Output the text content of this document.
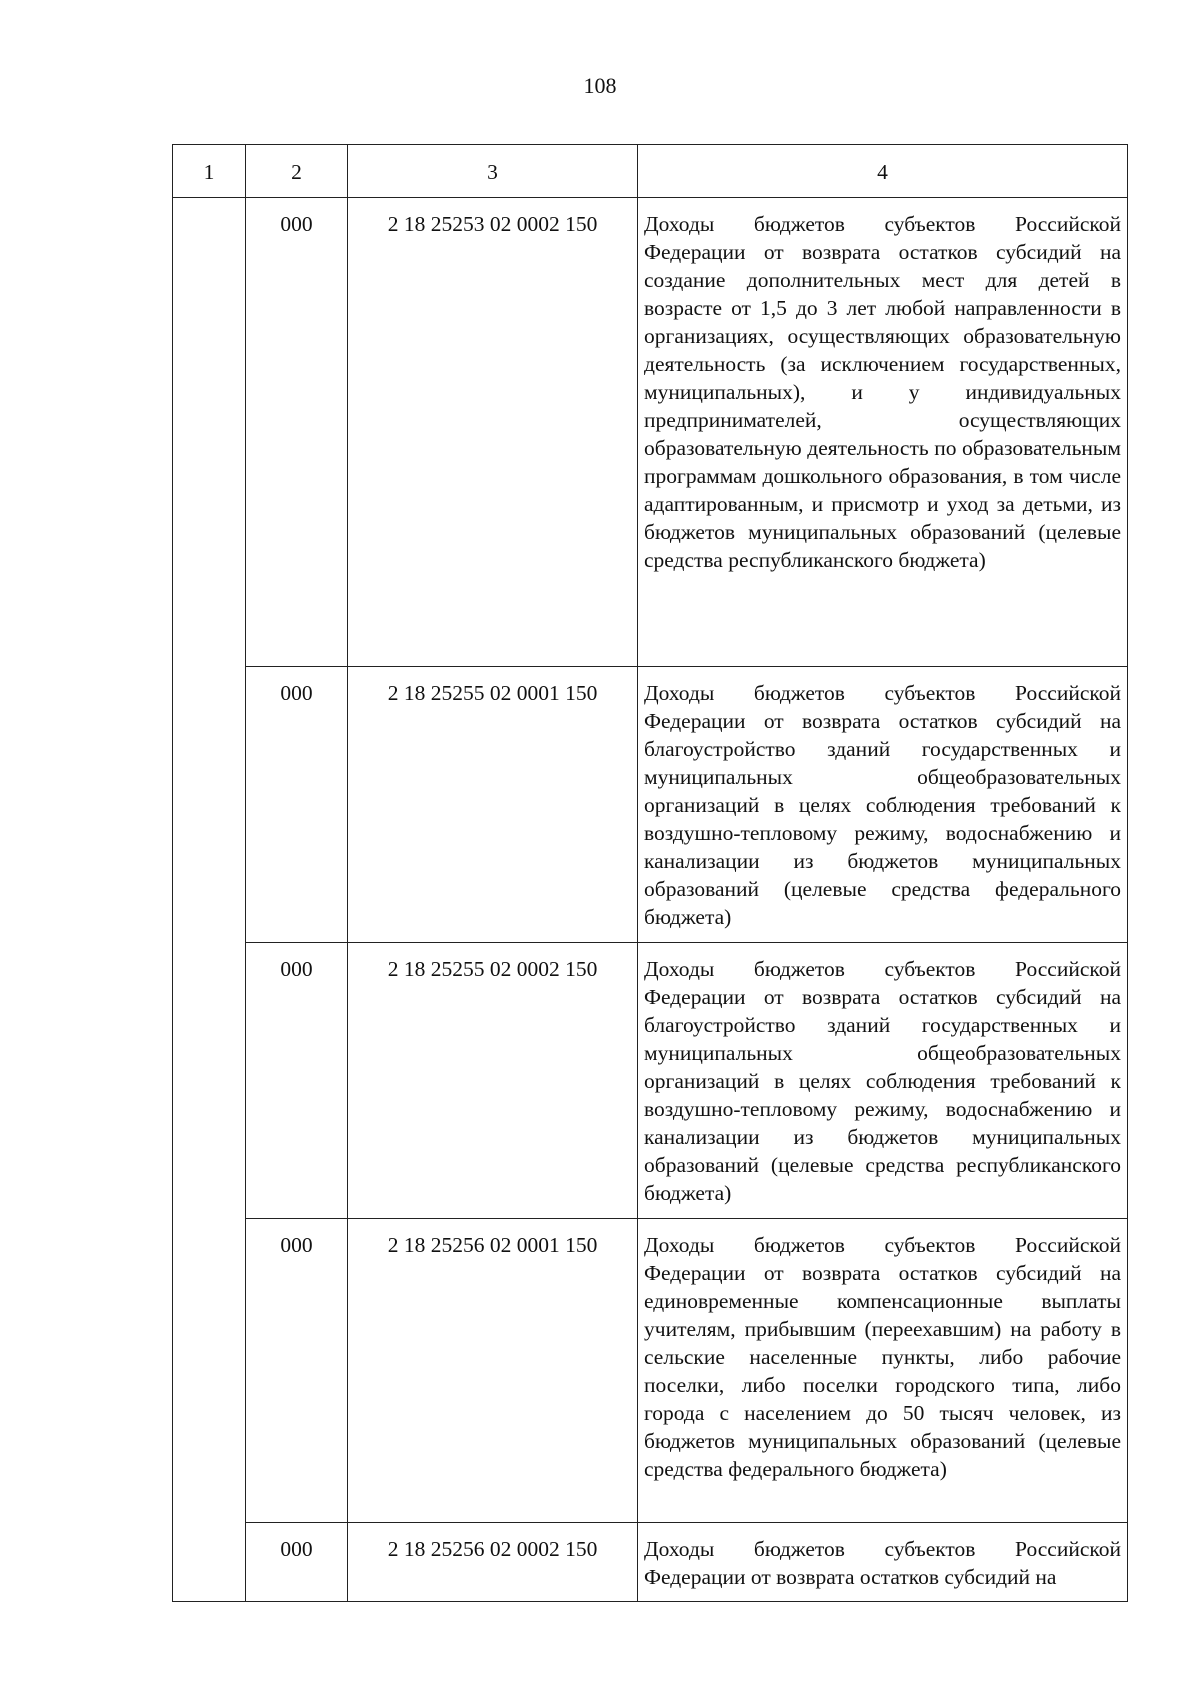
108
1	2	3	4
	000	2 18 25253 02 0002 150	Доходы бюджетов субъектов Российской Федерации от возврата остатков субсидий на создание дополнительных мест для детей в возрасте от 1,5 до 3 лет любой направленности в организациях, осуществляющих образовательную деятельность (за исключением государственных, муниципальных), и у индивидуальных предпринимателей, осуществляющих образовательную деятельность по образовательным программам дошкольного образования, в том числе адаптированным, и присмотр и уход за детьми, из бюджетов муниципальных образований (целевые средства республиканского бюджета)
	000	2 18 25255 02 0001 150	Доходы бюджетов субъектов Российской Федерации от возврата остатков субсидий на благоустройство зданий государственных и муниципальных общеобразовательных организаций в целях соблюдения требований к воздушно-тепловому режиму, водоснабжению и канализации из бюджетов муниципальных образований (целевые средства федерального бюджета)
	000	2 18 25255 02 0002 150	Доходы бюджетов субъектов Российской Федерации от возврата остатков субсидий на благоустройство зданий государственных и муниципальных общеобразовательных организаций в целях соблюдения требований к воздушно-тепловому режиму, водоснабжению и канализации из бюджетов муниципальных образований (целевые средства республиканского бюджета)
	000	2 18 25256 02 0001 150	Доходы бюджетов субъектов Российской Федерации от возврата остатков субсидий на единовременные компенсационные выплаты учителям, прибывшим (переехавшим) на работу в сельские населенные пункты, либо рабочие поселки, либо поселки городского типа, либо города с населением до 50 тысяч человек, из бюджетов муниципальных образований (целевые средства федерального бюджета)
	000	2 18 25256 02 0002 150	Доходы бюджетов субъектов Российской Федерации от возврата остатков субсидий на
